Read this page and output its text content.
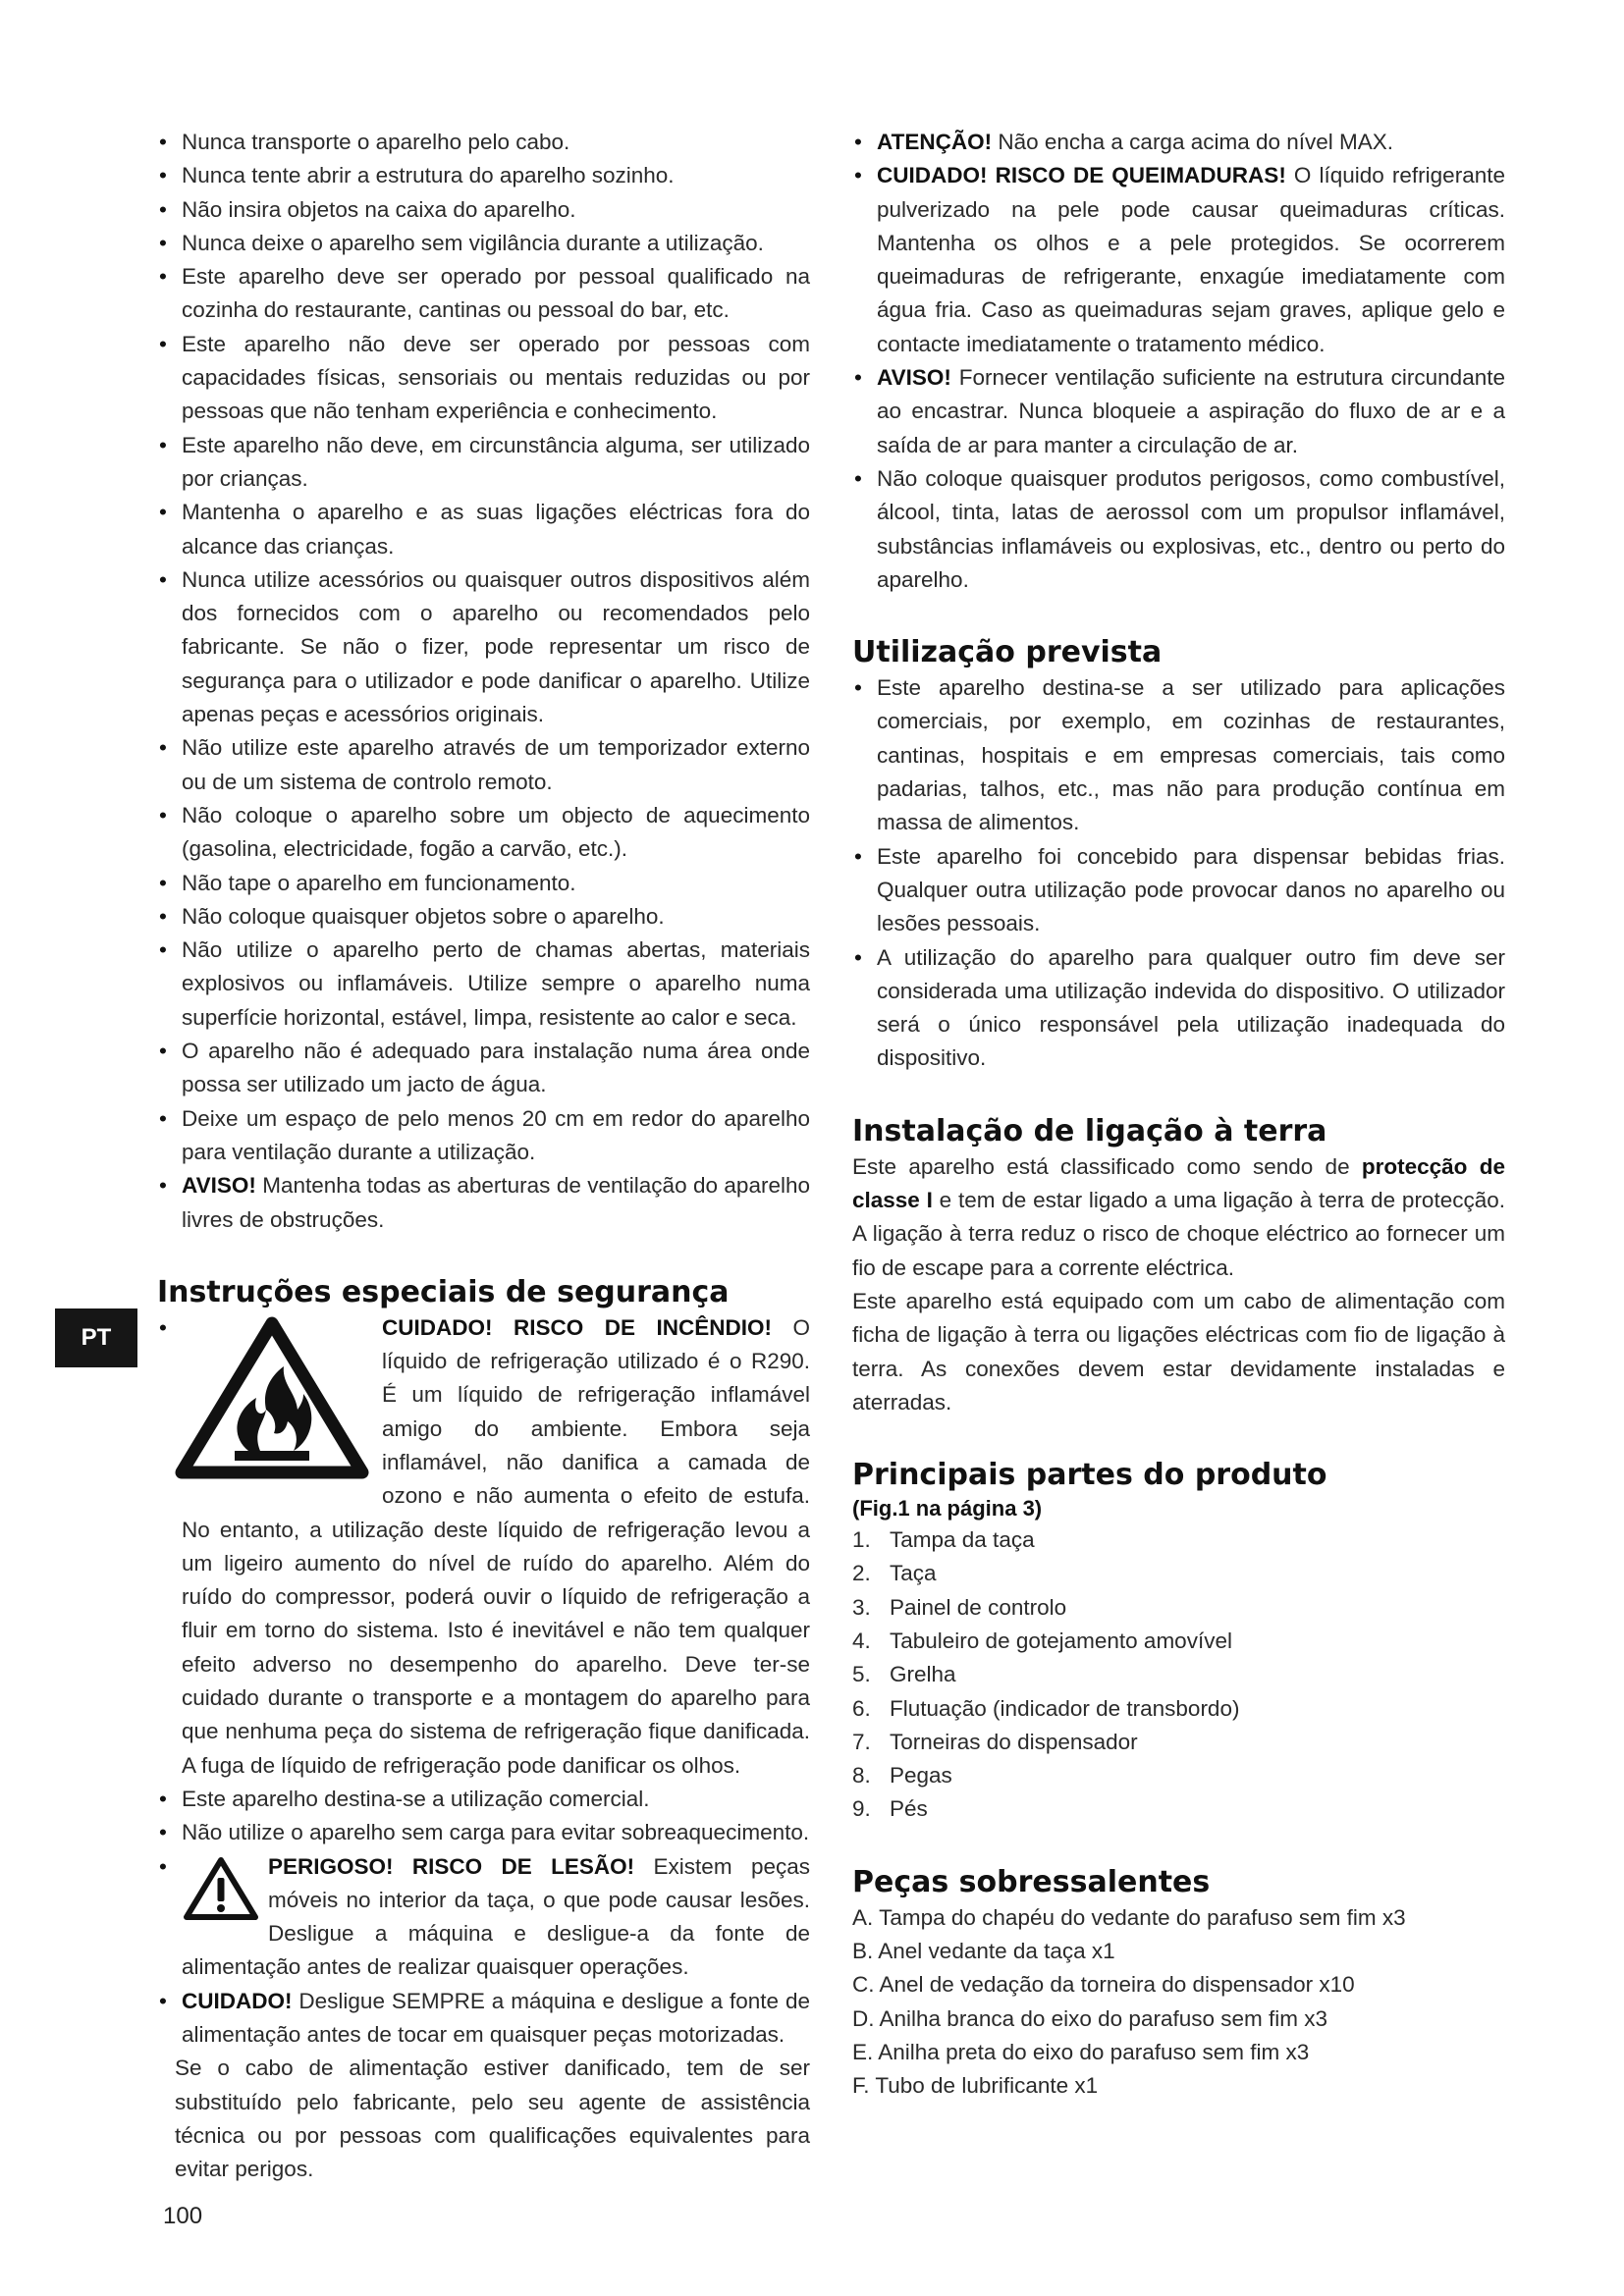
PT
• Nunca transporte o aparelho pelo cabo.
• Nunca tente abrir a estrutura do aparelho sozinho.
• Não insira objetos na caixa do aparelho.
• Nunca deixe o aparelho sem vigilância durante a utilização.
• Este aparelho deve ser operado por pessoal qualificado na cozinha do restaurante, cantinas ou pessoal do bar, etc.
• Este aparelho não deve ser operado por pessoas com capacidades físicas, sensoriais ou mentais reduzidas ou por pessoas que não tenham experiência e conhecimento.
• Este aparelho não deve, em circunstância alguma, ser utilizado por crianças.
• Mantenha o aparelho e as suas ligações eléctricas fora do alcance das crianças.
• Nunca utilize acessórios ou quaisquer outros dispositivos além dos fornecidos com o aparelho ou recomendados pelo fabricante. Se não o fizer, pode representar um risco de segurança para o utilizador e pode danificar o aparelho. Utilize apenas peças e acessórios originais.
• Não utilize este aparelho através de um temporizador externo ou de um sistema de controlo remoto.
• Não coloque o aparelho sobre um objecto de aquecimento (gasolina, electricidade, fogão a carvão, etc.).
• Não tape o aparelho em funcionamento.
• Não coloque quaisquer objetos sobre o aparelho.
• Não utilize o aparelho perto de chamas abertas, materiais explosivos ou inflamáveis. Utilize sempre o aparelho numa superfície horizontal, estável, limpa, resistente ao calor e seca.
• O aparelho não é adequado para instalação numa área onde possa ser utilizado um jacto de água.
• Deixe um espaço de pelo menos 20 cm em redor do aparelho para ventilação durante a utilização.
• AVISO! Mantenha todas as aberturas de ventilação do aparelho livres de obstruções.
Instruções especiais de segurança
• CUIDADO! RISCO DE INCÊNDIO! O líquido de refrigeração utilizado é o R290. É um líquido de refrigeração inflamável amigo do ambiente. Embora seja inflamável, não danifica a camada de ozono e não aumenta o efeito de estufa. No entanto, a utilização deste líquido de refrigeração levou a um ligeiro aumento do nível de ruído do aparelho. Além do ruído do compressor, poderá ouvir o líquido de refrigeração a fluir em torno do sistema. Isto é inevitável e não tem qualquer efeito adverso no desempenho do aparelho. Deve ter-se cuidado durante o transporte e a montagem do aparelho para que nenhuma peça do sistema de refrigeração fique danificada. A fuga de líquido de refrigeração pode danificar os olhos.
• Este aparelho destina-se a utilização comercial.
• Não utilize o aparelho sem carga para evitar sobreaquecimento.
• PERIGOSO! RISCO DE LESÃO! Existem peças móveis no interior da taça, o que pode causar lesões. Desligue a máquina e desligue-a da fonte de alimentação antes de realizar quaisquer operações.
• CUIDADO! Desligue SEMPRE a máquina e desligue a fonte de alimentação antes de tocar em quaisquer peças motorizadas.
Se o cabo de alimentação estiver danificado, tem de ser substituído pelo fabricante, pelo seu agente de assistência técnica ou por pessoas com qualificações equivalentes para evitar perigos.
• ATENÇÃO! Não encha a carga acima do nível MAX.
• CUIDADO! RISCO DE QUEIMADURAS! O líquido refrigerante pulverizado na pele pode causar queimaduras críticas. Mantenha os olhos e a pele protegidos. Se ocorrerem queimaduras de refrigerante, enxagúe imediatamente com água fria. Caso as queimaduras sejam graves, aplique gelo e contacte imediatamente o tratamento médico.
• AVISO! Fornecer ventilação suficiente na estrutura circundante ao encastrar. Nunca bloqueie a aspiração do fluxo de ar e a saída de ar para manter a circulação de ar.
• Não coloque quaisquer produtos perigosos, como combustível, álcool, tinta, latas de aerossol com um propulsor inflamável, substâncias inflamáveis ou explosivas, etc., dentro ou perto do aparelho.
Utilização prevista
• Este aparelho destina-se a ser utilizado para aplicações comerciais, por exemplo, em cozinhas de restaurantes, cantinas, hospitais e em empresas comerciais, tais como padarias, talhos, etc., mas não para produção contínua em massa de alimentos.
• Este aparelho foi concebido para dispensar bebidas frias. Qualquer outra utilização pode provocar danos no aparelho ou lesões pessoais.
• A utilização do aparelho para qualquer outro fim deve ser considerada uma utilização indevida do dispositivo. O utilizador será o único responsável pela utilização inadequada do dispositivo.
Instalação de ligação à terra
Este aparelho está classificado como sendo de protecção de classe I e tem de estar ligado a uma ligação à terra de protecção. A ligação à terra reduz o risco de choque eléctrico ao fornecer um fio de escape para a corrente eléctrica.
Este aparelho está equipado com um cabo de alimentação com ficha de ligação à terra ou ligações eléctricas com fio de ligação à terra. As conexões devem estar devidamente instaladas e aterradas.
Principais partes do produto
(Fig.1 na página 3)
1. Tampa da taça
2. Taça
3. Painel de controlo
4. Tabuleiro de gotejamento amovível
5. Grelha
6. Flutuação (indicador de transbordo)
7. Torneiras do dispensador
8. Pegas
9. Pés
Peças sobressalentes
A. Tampa do chapéu do vedante do parafuso sem fim x3
B. Anel vedante da taça x1
C. Anel de vedação da torneira do dispensador x10
D. Anilha branca do eixo do parafuso sem fim x3
E. Anilha preta do eixo do parafuso sem fim x3
F. Tubo de lubrificante x1
100
